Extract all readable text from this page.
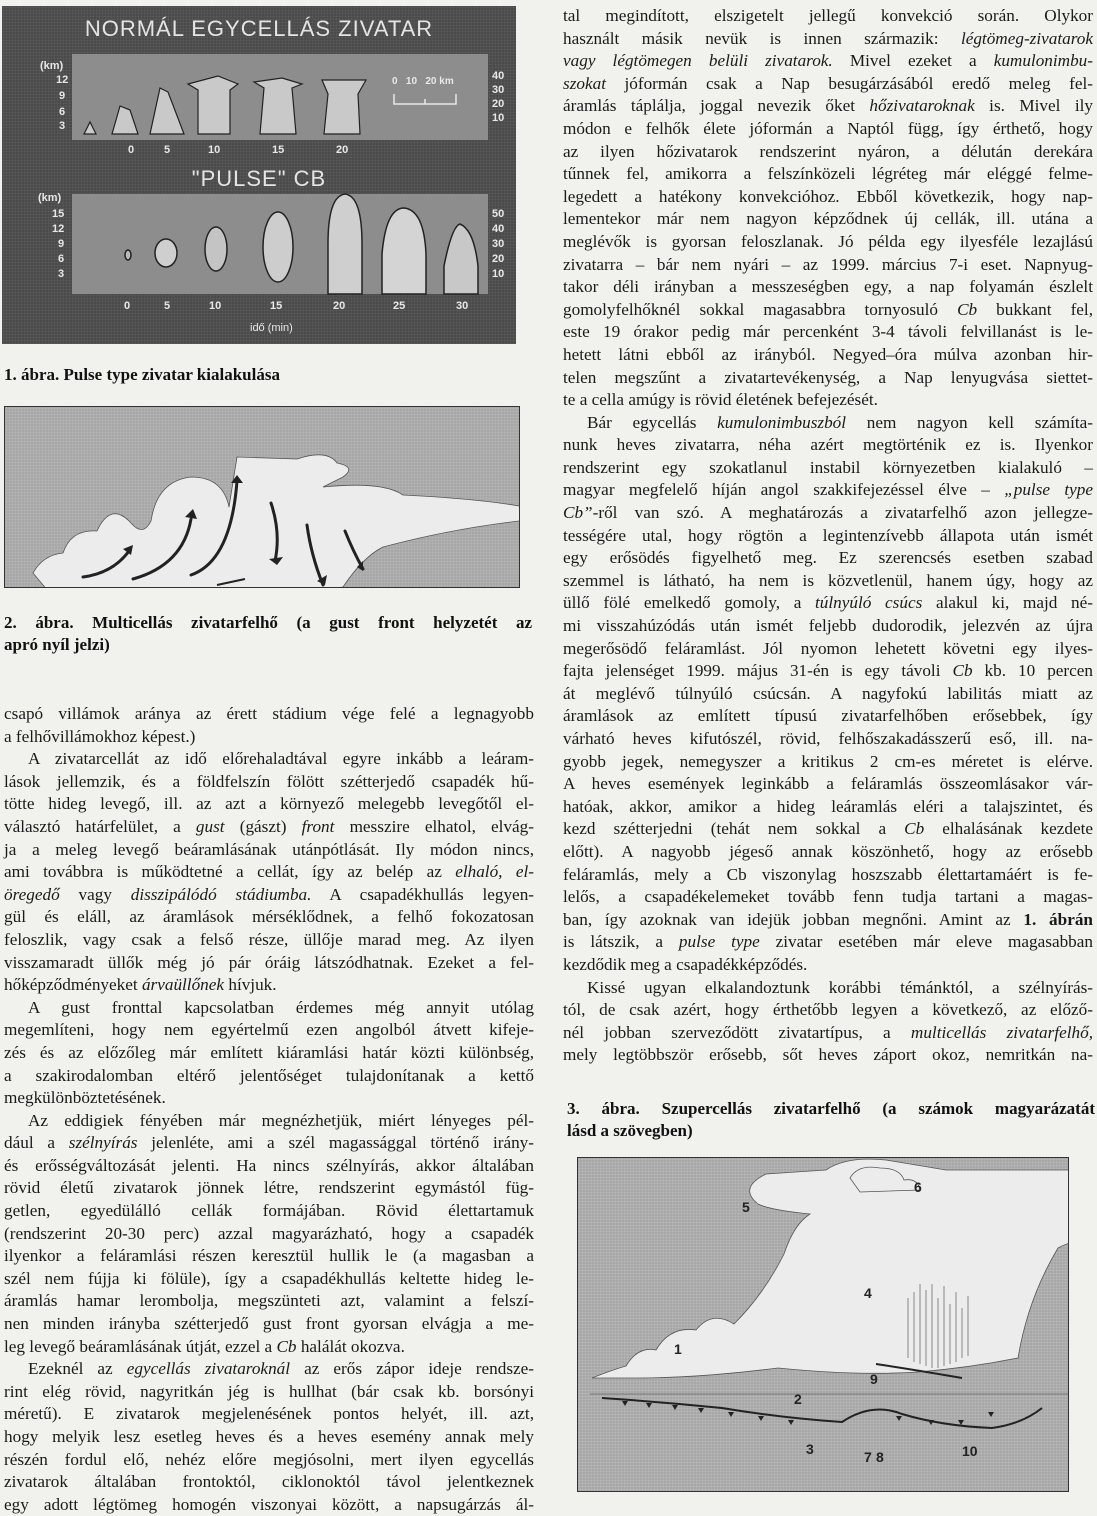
NORMÁL EGYCELLÁS ZIVATAR
(km)
12
9
6
3
40
30
20
10
0	5	10	15	20
0   10   20 km
"PULSE" CB
(km)
15
12
9
6
3
50
40
30
20
10
0	5	10	15	20	25	30
idő (min)
1. ábra. Pulse type zivatar kialakulása
2. ábra. Multicellás zivatarfelhő (a gust front helyzetét az
apró nyíl jelzi)
csapó villámok aránya az érett stádium vége felé a legnagyobb
a felhővillámokhoz képest.)
A zivatarcellát az idő előrehaladtával egyre inkább a leáram-
lások jellemzik, és a földfelszín fölött szétterjedő csapadék hű-
tötte hideg levegő, ill. az azt a környező melegebb levegőtől el-
választó határfelület, a gust (gászt) front messzire elhatol, elvág-
ja a meleg levegő beáramlásának utánpótlását. Ily módon nincs,
ami továbbra is működtetné a cellát, így az belép az elhaló, el-
öregedő vagy disszipálódó stádiumba. A csapadékhullás legyen-
gül és eláll, az áramlások mérséklődnek, a felhő fokozatosan
feloszlik, vagy csak a felső része, üllője marad meg. Az ilyen
visszamaradt üllők még jó pár óráig látszódhatnak. Ezeket a fel-
hőképződményeket árvaüllőnek hívjuk.
A gust fronttal kapcsolatban érdemes még annyit utólag
megemlíteni, hogy nem egyértelmű ezen angolból átvett kifeje-
zés és az előzőleg már említett kiáramlási határ közti különbség,
a szakirodalomban eltérő jelentőséget tulajdonítanak a kettő
megkülönböztetésének.
Az eddigiek fényében már megnézhetjük, miért lényeges pél-
dául a szélnyírás jelenléte, ami a szél magassággal történő irány-
és erősségváltozását jelenti. Ha nincs szélnyírás, akkor általában
rövid életű zivatarok jönnek létre, rendszerint egymástól füg-
getlen, egyedülálló cellák formájában. Rövid élettartamuk
(rendszerint 20-30 perc) azzal magyarázható, hogy a csapadék
ilyenkor a feláramlási részen keresztül hullik le (a magasban a
szél nem fújja ki fölüle), így a csapadékhullás keltette hideg le-
áramlás hamar lerombolja, megszünteti azt, valamint a felszí-
nen minden irányba szétterjedő gust front gyorsan elvágja a me-
leg levegő beáramlásának útját, ezzel a Cb halálát okozva.
Ezeknél az egycellás zivataroknál az erős zápor ideje rendsze-
rint elég rövid, nagyritkán jég is hullhat (bár csak kb. borsónyi
méretű). E zivatarok megjelenésének pontos helyét, ill. azt,
hogy melyik lesz esetleg heves és a heves esemény annak mely
részén fordul elő, nehéz előre megjósolni, mert ilyen egycellás
zivatarok általában frontoktól, ciklonoktól távol jelentkeznek
egy adott légtömeg homogén viszonyai között, a napsugárzás ál-
tal megindított, elszigetelt jellegű konvekció során. Olykor
használt másik nevük is innen származik: légtömeg-zivatarok
vagy légtömegen belüli zivatarok. Mivel ezeket a kumulonimbu-
szokat jóformán csak a Nap besugárzásából eredő meleg fel-
áramlás táplálja, joggal nevezik őket hőzivataroknak is. Mivel ily
módon e felhők élete jóformán a Naptól függ, így érthető, hogy
az ilyen hőzivatarok rendszerint nyáron, a délután derekára
tűnnek fel, amikorra a felszínközeli légréteg már eléggé felme-
legedett a hatékony konvekcióhoz. Ebből következik, hogy nap-
lementekor már nem nagyon képződnek új cellák, ill. utána a
meglévők is gyorsan feloszlanak. Jó példa egy ilyesféle lezajlású
zivatarra – bár nem nyári – az 1999. március 7-i eset. Napnyug-
takor déli irányban a messzeségben egy, a nap folyamán észlelt
gomolyfelhőknél sokkal magasabbra tornyosuló Cb bukkant fel,
este 19 órakor pedig már percenként 3-4 távoli felvillanást is le-
hetett látni ebből az irányból. Negyed–óra múlva azonban hir-
telen megszűnt a zivatartevékenység, a Nap lenyugvása siettet-
te a cella amúgy is rövid életének befejezését.
Bár egycellás kumulonimbuszból nem nagyon kell számíta-
nunk heves zivatarra, néha azért megtörténik ez is. Ilyenkor
rendszerint egy szokatlanul instabil környezetben kialakuló –
magyar megfelelő híján angol szakkifejezéssel élve – „pulse type
Cb”-ről van szó. A meghatározás a zivatarfelhő azon jellegze-
tességére utal, hogy rögtön a legintenzívebb állapota után ismét
egy erősödés figyelhető meg. Ez szerencsés esetben szabad
szemmel is látható, ha nem is közvetlenül, hanem úgy, hogy az
üllő fölé emelkedő gomoly, a túlnyúló csúcs alakul ki, majd né-
mi visszahúzódás után ismét feljebb dudorodik, jelezvén az újra
megerősödő feláramlást. Jól nyomon lehetett követni egy ilyes-
fajta jelenséget 1999. május 31-én is egy távoli Cb kb. 10 percen
át meglévő túlnyúló csúcsán. A nagyfokú labilitás miatt az
áramlások az említett típusú zivatarfelhőben erősebbek, így
várható heves kifutószél, rövid, felhőszakadásszerű eső, ill. na-
gyobb jegek, nemegyszer a kritikus 2 cm-es méretet is elérve.
A heves események leginkább a feláramlás összeomlásakor vár-
hatóak, akkor, amikor a hideg leáramlás eléri a talajszintet, és
kezd szétterjedni (tehát nem sokkal a Cb elhalásának kezdete
előtt). A nagyobb jégeső annak köszönhető, hogy az erősebb
feláramlás, mely a Cb viszonylag hoszszabb élettartamáért is fe-
lelős, a csapadékelemeket tovább fenn tudja tartani a magas-
ban, így azoknak van idejük jobban megnőni. Amint az 1. ábrán
is látszik, a pulse type zivatar esetében már eleve magasabban
kezdődik meg a csapadékképződés.
Kissé ugyan elkalandoztunk korábbi témánktól, a szélnyírás-
tól, de csak azért, hogy érthetőbb legyen a következő, az előző-
nél jobban szerveződött zivatartípus, a multicellás zivatarfelhő,
mely legtöbbször erősebb, sőt heves záport okoz, nemritkán na-
3. ábra. Szupercellás zivatarfelhő (a számok magyarázatát
lásd a szövegben)
1
2
3
4
5
6
7 8
9
10
